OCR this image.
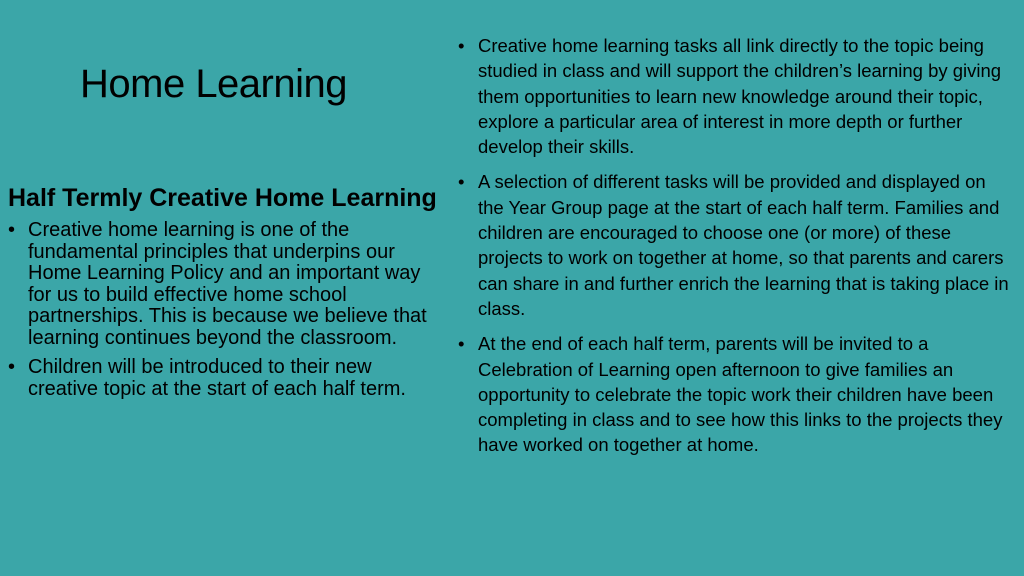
Home Learning
Half Termly Creative Home Learning
• Creative home learning is one of the fundamental principles that underpins our Home Learning Policy and an important way for us to build effective home school partnerships. This is because we believe that learning continues beyond the classroom.
• Children will be introduced to their new creative topic at the start of each half term.
• Creative home learning tasks all link directly to the topic being studied in class and will support the children’s learning by giving them opportunities to learn new knowledge around their topic, explore a particular area of interest in more depth or further develop their skills.
• A selection of different tasks will be provided and displayed on the Year Group page at the start of each half term. Families and children are encouraged to choose one (or more) of these projects to work on together at home, so that parents and carers can share in and further enrich the learning that is taking place in class.
• At the end of each half term, parents will be invited to a Celebration of Learning open afternoon to give families an opportunity to celebrate the topic work their children have been completing in class and to see how this links to the projects they have worked on together at home.
